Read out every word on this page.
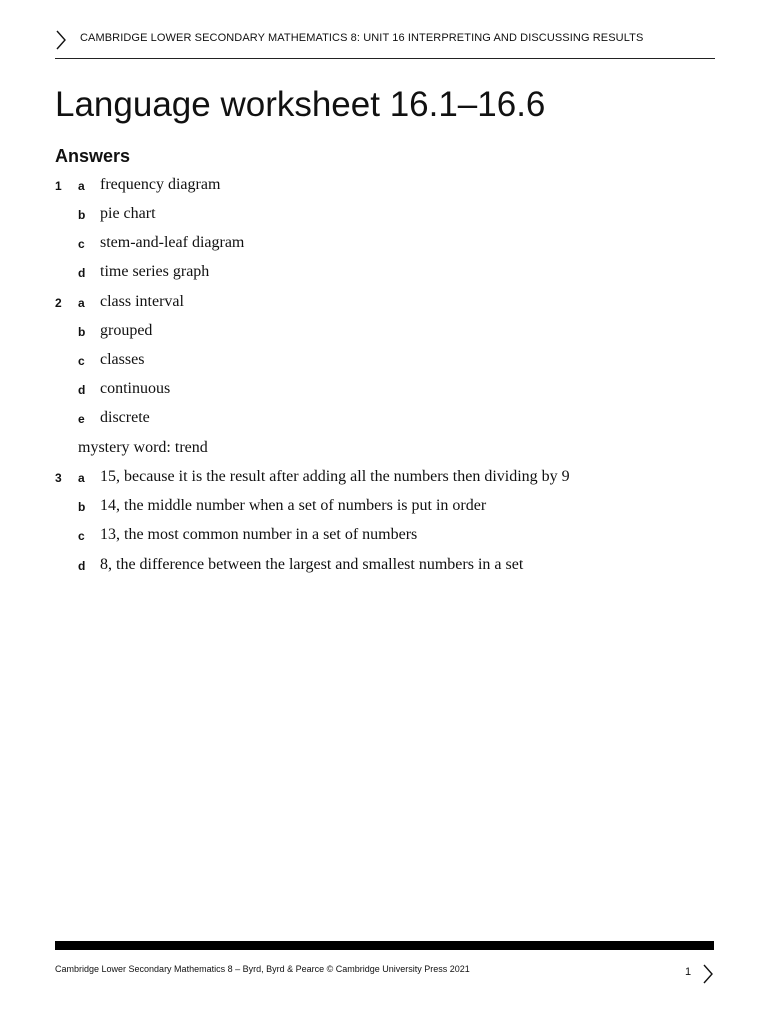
CAMBRIDGE LOWER SECONDARY MATHEMATICS 8: UNIT 16 INTERPRETING AND DISCUSSING RESULTS
Language worksheet 16.1–16.6
Answers
1	a frequency diagram
b pie chart
c stem-and-leaf diagram
d time series graph
2	a class interval
b grouped
c classes
d continuous
e discrete
mystery word: trend
3	a 15, because it is the result after adding all the numbers then dividing by 9
b 14, the middle number when a set of numbers is put in order
c 13, the most common number in a set of numbers
d 8, the difference between the largest and smallest numbers in a set
Cambridge Lower Secondary Mathematics 8 – Byrd, Byrd & Pearce © Cambridge University Press 2021	1
